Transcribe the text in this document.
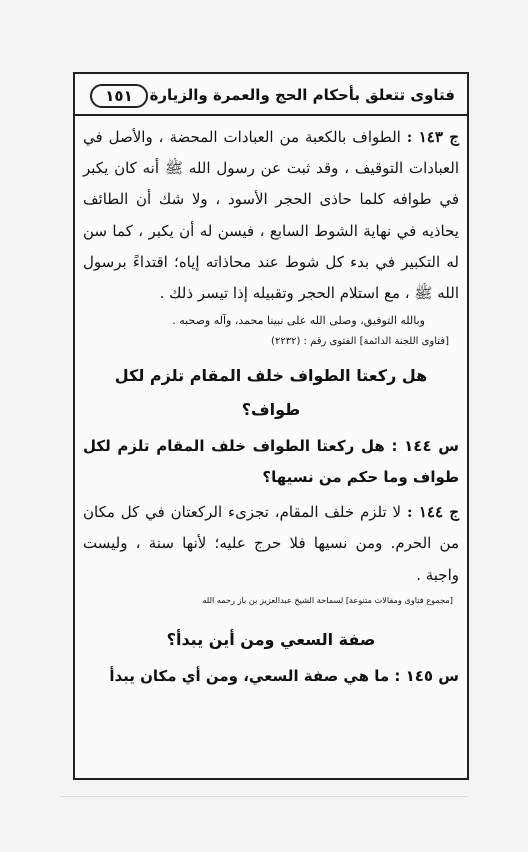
فتاوى تتعلق بأحكام الحج والعمرة والزيارة
١٥١

ج ١٤٣ : الطواف بالكعبة من العبادات المحضة ، والأصل في العبادات التوقيف ، وقد ثبت عن رسول الله ﷺ أنه كان يكبر في طوافه كلما حاذى الحجر الأسود ، ولا شك أن الطائف يحاذيه في نهاية الشوط السابع ، فيسن له أن يكبر ، كما سن له التكبير في بدء كل شوط عند محاذاته إياه؛ اقتداءً برسول الله ﷺ ، مع استلام الحجر وتقبيله إذا تيسر ذلك .

وبالله التوفيق، وصلى الله على نبينا محمد، وآله وصحبه .

[فتاوى اللجنة الدائمة] الفتوى رقم : (٢٢٣٢)

هل ركعتا الطواف خلف المقام تلزم لكل طواف؟

س ١٤٤ : هل ركعتا الطواف خلف المقام تلزم لكل طواف وما حكم من نسيها؟

ج ١٤٤ : لا تلزم خلف المقام، تجزىء الركعتان في كل مكان من الحرم. ومن نسيها فلا حرج عليه؛ لأنها سنة ، وليست واجبة .

[مجموع فتاوى ومقالات متنوعة] لسماحة الشيخ عبدالعزيز بن باز رحمه الله

صفة السعي ومن أين يبدأ؟

س ١٤٥ : ما هي صفة السعي، ومن أي مكان يبدأ
